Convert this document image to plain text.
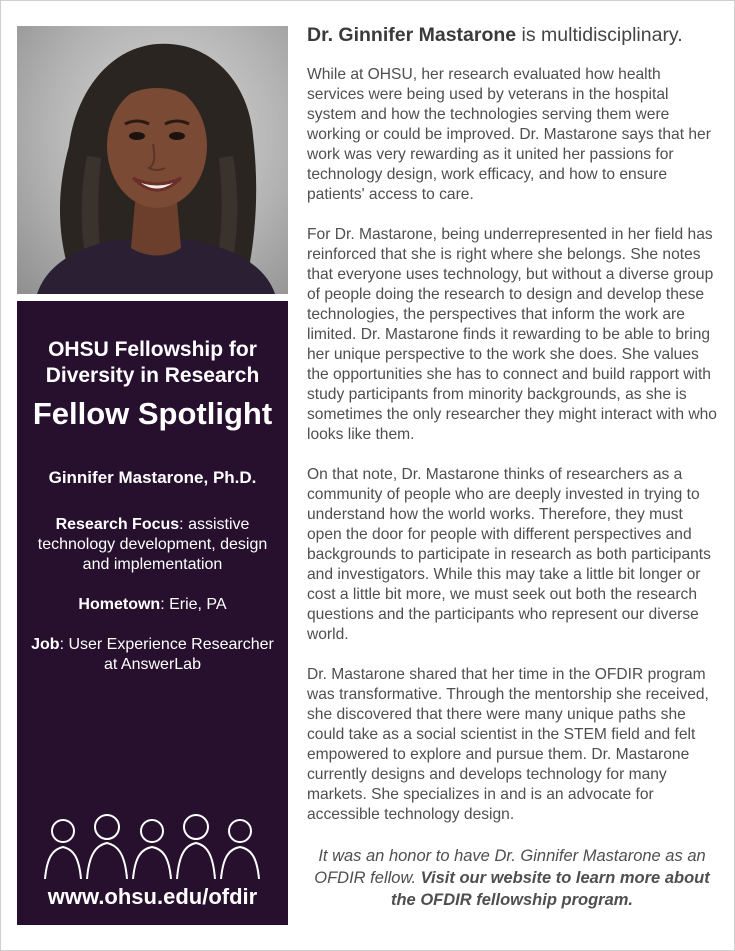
OHSU Fellowship for Diversity in Research
Fellow Spotlight
Ginnifer Mastarone, Ph.D.
Research Focus: assistive technology development, design and implementation
Hometown: Erie, PA
Job: User Experience Researcher at AnswerLab
www.ohsu.edu/ofdir

Dr. Ginnifer Mastarone is multidisciplinary.

While at OHSU, her research evaluated how health services were being used by veterans in the hospital system and how the technologies serving them were working or could be improved. Dr. Mastarone says that her work was very rewarding as it united her passions for technology design, work efficacy, and how to ensure patients' access to care.

For Dr. Mastarone, being underrepresented in her field has reinforced that she is right where she belongs. She notes that everyone uses technology, but without a diverse group of people doing the research to design and develop these technologies, the perspectives that inform the work are limited. Dr. Mastarone finds it rewarding to be able to bring her unique perspective to the work she does. She values the opportunities she has to connect and build rapport with study participants from minority backgrounds, as she is sometimes the only researcher they might interact with who looks like them.

On that note, Dr. Mastarone thinks of researchers as a community of people who are deeply invested in trying to understand how the world works. Therefore, they must open the door for people with different perspectives and backgrounds to participate in research as both participants and investigators. While this may take a little bit longer or cost a little bit more, we must seek out both the research questions and the participants who represent our diverse world.

Dr. Mastarone shared that her time in the OFDIR program was transformative. Through the mentorship she received, she discovered that there were many unique paths she could take as a social scientist in the STEM field and felt empowered to explore and pursue them. Dr. Mastarone currently designs and develops technology for many markets. She specializes in and is an advocate for accessible technology design.

It was an honor to have Dr. Ginnifer Mastarone as an OFDIR fellow. Visit our website to learn more about the OFDIR fellowship program.
